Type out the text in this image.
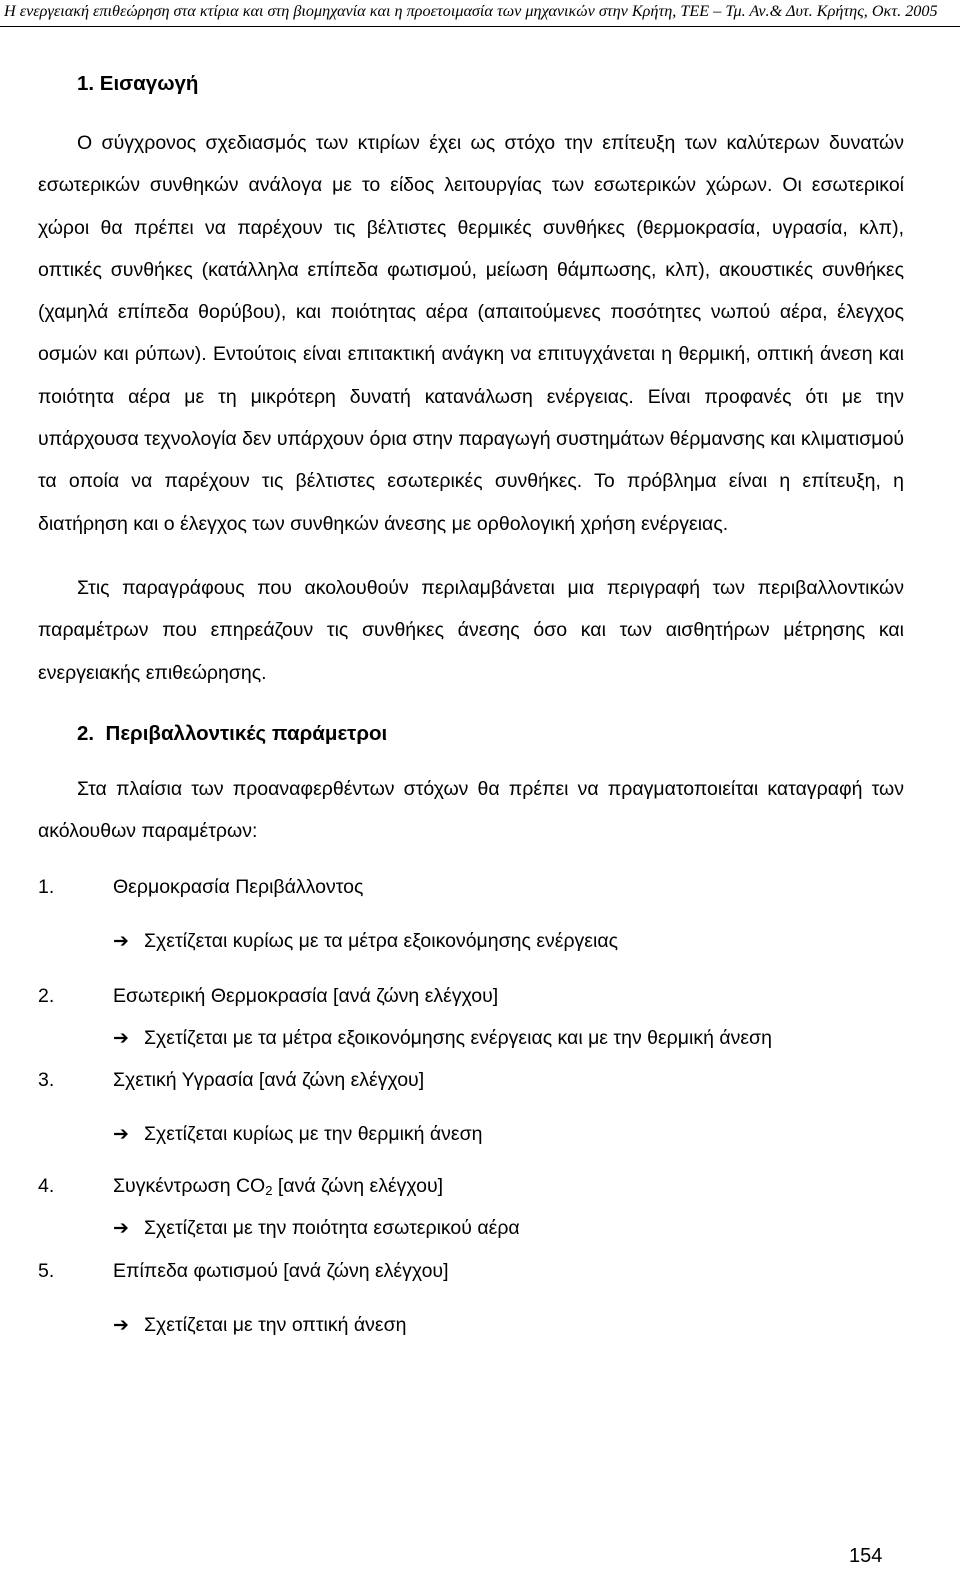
Η ενεργειακή επιθεώρηση στα κτίρια και στη βιομηχανία και η προετοιμασία των μηχανικών στην Κρήτη, ΤΕΕ – Τμ. Αν.& Δυτ. Κρήτης, Οκτ. 2005
1. Εισαγωγή

Ο σύγχρονος σχεδιασμός των κτιρίων έχει ως στόχο την επίτευξη των καλύτερων δυνατών εσωτερικών συνθηκών ανάλογα με το είδος λειτουργίας των εσωτερικών χώρων. Οι εσωτερικοί χώροι θα πρέπει να παρέχουν τις βέλτιστες θερμικές συνθήκες (θερμοκρασία, υγρασία, κλπ), οπτικές συνθήκες (κατάλληλα επίπεδα φωτισμού, μείωση θάμπωσης, κλπ), ακουστικές συνθήκες (χαμηλά επίπεδα θορύβου), και ποιότητας αέρα (απαιτούμενες ποσότητες νωπού αέρα, έλεγχος οσμών και ρύπων). Εντούτοις είναι επιτακτική ανάγκη να επιτυγχάνεται η θερμική, οπτική άνεση και ποιότητα αέρα με τη μικρότερη δυνατή κατανάλωση ενέργειας. Είναι προφανές ότι με την υπάρχουσα τεχνολογία δεν υπάρχουν όρια στην παραγωγή συστημάτων θέρμανσης και κλιματισμού τα οποία να παρέχουν τις βέλτιστες εσωτερικές συνθήκες. Το πρόβλημα είναι η επίτευξη, η διατήρηση και ο έλεγχος των συνθηκών άνεσης με ορθολογική χρήση ενέργειας.

Στις παραγράφους που ακολουθούν περιλαμβάνεται μια περιγραφή των περιβαλλοντικών παραμέτρων που επηρεάζουν τις συνθήκες άνεσης όσο και των αισθητήρων μέτρησης και ενεργειακής επιθεώρησης.

2. Περιβαλλοντικές παράμετροι

Στα πλαίσια των προαναφερθέντων στόχων θα πρέπει να πραγματοποιείται καταγραφή των ακόλουθων παραμέτρων:

1.	Θερμοκρασία Περιβάλλοντος
➔ Σχετίζεται κυρίως με τα μέτρα εξοικονόμησης ενέργειας
2.	Εσωτερική Θερμοκρασία [ανά ζώνη ελέγχου]
➔ Σχετίζεται με τα μέτρα εξοικονόμησης ενέργειας και με την θερμική άνεση
3.	Σχετική Υγρασία [ανά ζώνη ελέγχου]
➔ Σχετίζεται κυρίως με την θερμική άνεση
4.	Συγκέντρωση $CO_2$ [ανά ζώνη ελέγχου]
➔ Σχετίζεται με την ποιότητα εσωτερικού αέρα
5.	Επίπεδα φωτισμού [ανά ζώνη ελέγχου]
➔ Σχετίζεται με την οπτική άνεση
154
